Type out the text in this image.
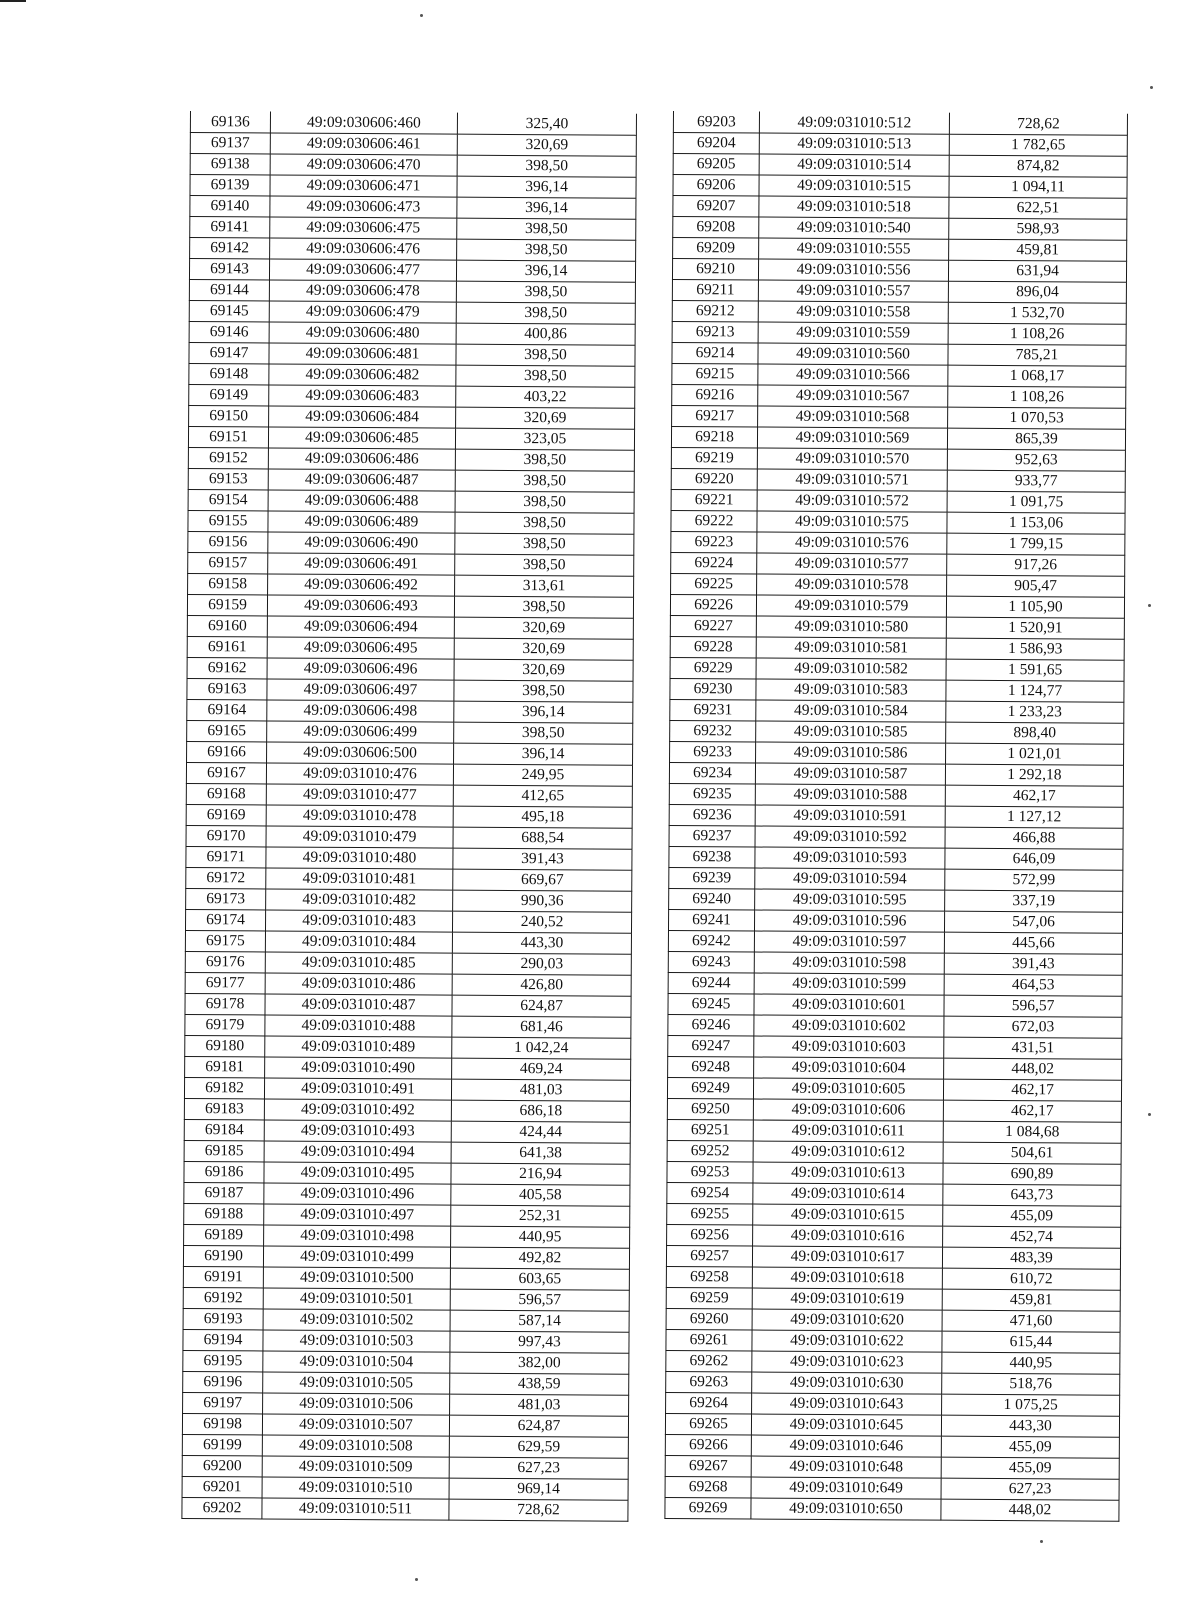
69136	49:09:030606:460	325,40
69137	49:09:030606:461	320,69
69138	49:09:030606:470	398,50
69139	49:09:030606:471	396,14
69140	49:09:030606:473	396,14
69141	49:09:030606:475	398,50
69142	49:09:030606:476	398,50
69143	49:09:030606:477	396,14
69144	49:09:030606:478	398,50
69145	49:09:030606:479	398,50
69146	49:09:030606:480	400,86
69147	49:09:030606:481	398,50
69148	49:09:030606:482	398,50
69149	49:09:030606:483	403,22
69150	49:09:030606:484	320,69
69151	49:09:030606:485	323,05
69152	49:09:030606:486	398,50
69153	49:09:030606:487	398,50
69154	49:09:030606:488	398,50
69155	49:09:030606:489	398,50
69156	49:09:030606:490	398,50
69157	49:09:030606:491	398,50
69158	49:09:030606:492	313,61
69159	49:09:030606:493	398,50
69160	49:09:030606:494	320,69
69161	49:09:030606:495	320,69
69162	49:09:030606:496	320,69
69163	49:09:030606:497	398,50
69164	49:09:030606:498	396,14
69165	49:09:030606:499	398,50
69166	49:09:030606:500	396,14
69167	49:09:031010:476	249,95
69168	49:09:031010:477	412,65
69169	49:09:031010:478	495,18
69170	49:09:031010:479	688,54
69171	49:09:031010:480	391,43
69172	49:09:031010:481	669,67
69173	49:09:031010:482	990,36
69174	49:09:031010:483	240,52
69175	49:09:031010:484	443,30
69176	49:09:031010:485	290,03
69177	49:09:031010:486	426,80
69178	49:09:031010:487	624,87
69179	49:09:031010:488	681,46
69180	49:09:031010:489	1 042,24
69181	49:09:031010:490	469,24
69182	49:09:031010:491	481,03
69183	49:09:031010:492	686,18
69184	49:09:031010:493	424,44
69185	49:09:031010:494	641,38
69186	49:09:031010:495	216,94
69187	49:09:031010:496	405,58
69188	49:09:031010:497	252,31
69189	49:09:031010:498	440,95
69190	49:09:031010:499	492,82
69191	49:09:031010:500	603,65
69192	49:09:031010:501	596,57
69193	49:09:031010:502	587,14
69194	49:09:031010:503	997,43
69195	49:09:031010:504	382,00
69196	49:09:031010:505	438,59
69197	49:09:031010:506	481,03
69198	49:09:031010:507	624,87
69199	49:09:031010:508	629,59
69200	49:09:031010:509	627,23
69201	49:09:031010:510	969,14
69202	49:09:031010:511	728,62
69203	49:09:031010:512	728,62
69204	49:09:031010:513	1 782,65
69205	49:09:031010:514	874,82
69206	49:09:031010:515	1 094,11
69207	49:09:031010:518	622,51
69208	49:09:031010:540	598,93
69209	49:09:031010:555	459,81
69210	49:09:031010:556	631,94
69211	49:09:031010:557	896,04
69212	49:09:031010:558	1 532,70
69213	49:09:031010:559	1 108,26
69214	49:09:031010:560	785,21
69215	49:09:031010:566	1 068,17
69216	49:09:031010:567	1 108,26
69217	49:09:031010:568	1 070,53
69218	49:09:031010:569	865,39
69219	49:09:031010:570	952,63
69220	49:09:031010:571	933,77
69221	49:09:031010:572	1 091,75
69222	49:09:031010:575	1 153,06
69223	49:09:031010:576	1 799,15
69224	49:09:031010:577	917,26
69225	49:09:031010:578	905,47
69226	49:09:031010:579	1 105,90
69227	49:09:031010:580	1 520,91
69228	49:09:031010:581	1 586,93
69229	49:09:031010:582	1 591,65
69230	49:09:031010:583	1 124,77
69231	49:09:031010:584	1 233,23
69232	49:09:031010:585	898,40
69233	49:09:031010:586	1 021,01
69234	49:09:031010:587	1 292,18
69235	49:09:031010:588	462,17
69236	49:09:031010:591	1 127,12
69237	49:09:031010:592	466,88
69238	49:09:031010:593	646,09
69239	49:09:031010:594	572,99
69240	49:09:031010:595	337,19
69241	49:09:031010:596	547,06
69242	49:09:031010:597	445,66
69243	49:09:031010:598	391,43
69244	49:09:031010:599	464,53
69245	49:09:031010:601	596,57
69246	49:09:031010:602	672,03
69247	49:09:031010:603	431,51
69248	49:09:031010:604	448,02
69249	49:09:031010:605	462,17
69250	49:09:031010:606	462,17
69251	49:09:031010:611	1 084,68
69252	49:09:031010:612	504,61
69253	49:09:031010:613	690,89
69254	49:09:031010:614	643,73
69255	49:09:031010:615	455,09
69256	49:09:031010:616	452,74
69257	49:09:031010:617	483,39
69258	49:09:031010:618	610,72
69259	49:09:031010:619	459,81
69260	49:09:031010:620	471,60
69261	49:09:031010:622	615,44
69262	49:09:031010:623	440,95
69263	49:09:031010:630	518,76
69264	49:09:031010:643	1 075,25
69265	49:09:031010:645	443,30
69266	49:09:031010:646	455,09
69267	49:09:031010:648	455,09
69268	49:09:031010:649	627,23
69269	49:09:031010:650	448,02
